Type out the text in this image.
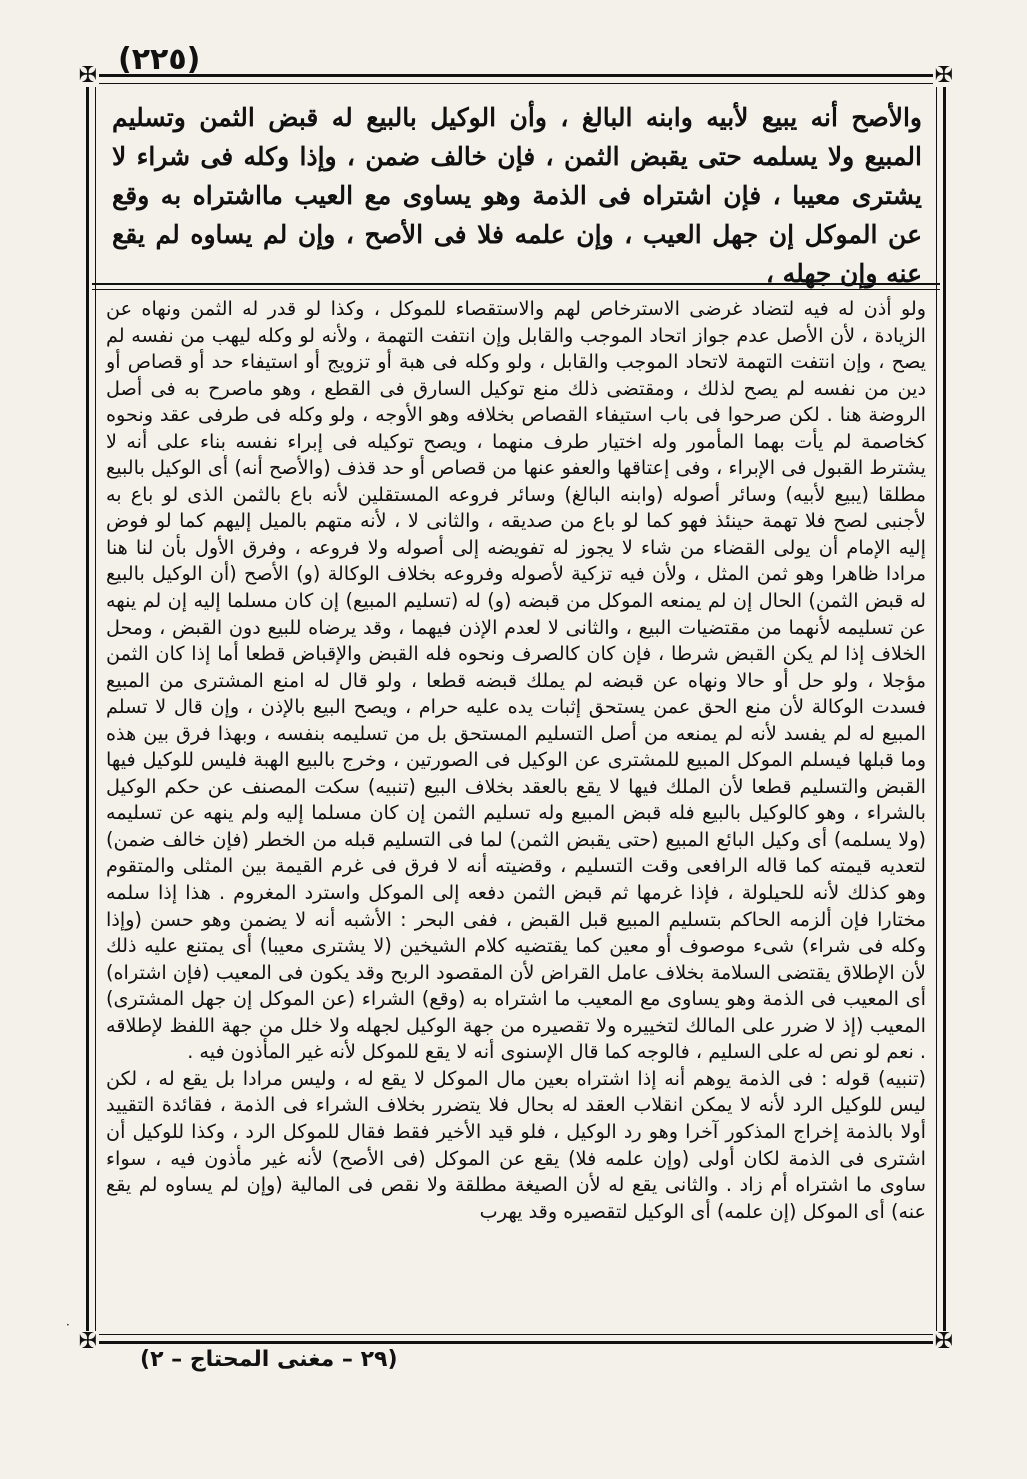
(٢٢٥)
✠	✠
✠	✠
والأصح أنه يبيع لأبيه وابنه البالغ ، وأن الوكيل بالبيع له قبض الثمن وتسليم المبيع ولا يسلمه حتى يقبض الثمن ، فإن خالف ضمن ، وإذا وكله فى شراء لا يشترى معيبا ، فإن اشتراه فى الذمة وهو يساوى مع العيب مااشتراه به وقع عن الموكل إن جهل العيب ، وإن علمه فلا فى الأصح ، وإن لم يساوه لم يقع عنه وإن جهله ،

ولو أذن له فيه لتضاد غرضى الاسترخاص لهم والاستقصاء للموكل ، وكذا لو قدر له الثمن ونهاه عن الزيادة ، لأن الأصل عدم جواز اتحاد الموجب والقابل وإن انتفت التهمة ، ولأنه لو وكله ليهب من نفسه لم يصح ، وإن انتفت التهمة لاتحاد الموجب والقابل ، ولو وكله فى هبة أو تزويج أو استيفاء حد أو قصاص أو دين من نفسه لم يصح لذلك ، ومقتضى ذلك منع توكيل السارق فى القطع ، وهو ماصرح به فى أصل الروضة هنا . لكن صرحوا فى باب استيفاء القصاص بخلافه وهو الأوجه ، ولو وكله فى طرفى عقد ونحوه كخاصمة لم يأت بهما المأمور وله اختيار طرف منهما ، ويصح توكيله فى إبراء نفسه بناء على أنه لا يشترط القبول فى الإبراء ، وفى إعتاقها والعفو عنها من قصاص أو حد قذف (والأصح أنه) أى الوكيل بالبيع مطلقا (يبيع لأبيه) وسائر أصوله (وابنه البالغ) وسائر فروعه المستقلين لأنه باع بالثمن الذى لو باع به لأجنبى لصح فلا تهمة حينئذ فهو كما لو باع من صديقه ، والثانى لا ، لأنه متهم بالميل إليهم كما لو فوض إليه الإمام أن يولى القضاء من شاء لا يجوز له تفويضه إلى أصوله ولا فروعه ، وفرق الأول بأن لنا هنا مرادا ظاهرا وهو ثمن المثل ، ولأن فيه تزكية لأصوله وفروعه بخلاف الوكالة (و) الأصح (أن الوكيل بالبيع له قبض الثمن) الحال إن لم يمنعه الموكل من قبضه (و) له (تسليم المبيع) إن كان مسلما إليه إن لم ينهه عن تسليمه لأنهما من مقتضيات البيع ، والثانى لا لعدم الإذن فيهما ، وقد يرضاه للبيع دون القبض ، ومحل الخلاف إذا لم يكن القبض شرطا ، فإن كان كالصرف ونحوه فله القبض والإقباض قطعا أما إذا كان الثمن مؤجلا ، ولو حل أو حالا ونهاه عن قبضه لم يملك قبضه قطعا ، ولو قال له امنع المشترى من المبيع فسدت الوكالة لأن منع الحق عمن يستحق إثبات يده عليه حرام ، ويصح البيع بالإذن ، وإن قال لا تسلم المبيع له لم يفسد لأنه لم يمنعه من أصل التسليم المستحق بل من تسليمه بنفسه ، وبهذا فرق بين هذه وما قبلها فيسلم الموكل المبيع للمشترى عن الوكيل فى الصورتين ، وخرج بالبيع الهبة فليس للوكيل فيها القبض والتسليم قطعا لأن الملك فيها لا يقع بالعقد بخلاف البيع (تنبيه) سكت المصنف عن حكم الوكيل بالشراء ، وهو كالوكيل بالبيع فله قبض المبيع وله تسليم الثمن إن كان مسلما إليه ولم ينهه عن تسليمه (ولا يسلمه) أى وكيل البائع المبيع (حتى يقبض الثمن) لما فى التسليم قبله من الخطر (فإن خالف ضمن) لتعديه قيمته كما قاله الرافعى وقت التسليم ، وقضيته أنه لا فرق فى غرم القيمة بين المثلى والمتقوم وهو كذلك لأنه للحيلولة ، فإذا غرمها ثم قبض الثمن دفعه إلى الموكل واسترد المغروم . هذا إذا سلمه مختارا فإن ألزمه الحاكم بتسليم المبيع قبل القبض ، ففى البحر : الأشبه أنه لا يضمن وهو حسن (وإذا وكله فى شراء) شىء موصوف أو معين كما يقتضيه كلام الشيخين (لا يشترى معيبا) أى يمتنع عليه ذلك لأن الإطلاق يقتضى السلامة بخلاف عامل القراض لأن المقصود الربح وقد يكون فى المعيب (فإن اشتراه) أى المعيب فى الذمة وهو يساوى مع المعيب ما اشتراه به (وقع) الشراء (عن الموكل إن جهل المشترى) المعيب (إذ لا ضرر على المالك لتخييره ولا تقصيره من جهة الوكيل لجهله ولا خلل من جهة اللفظ لإطلاقه . نعم لو نص له على السليم ، فالوجه كما قال الإسنوى أنه لا يقع للموكل لأنه غير المأذون فيه .

(تنبيه) قوله : فى الذمة يوهم أنه إذا اشتراه بعين مال الموكل لا يقع له ، وليس مرادا بل يقع له ، لكن ليس للوكيل الرد لأنه لا يمكن انقلاب العقد له بحال فلا يتضرر بخلاف الشراء فى الذمة ، فقائدة التقييد أولا بالذمة إخراج المذكور آخرا وهو رد الوكيل ، فلو قيد الأخير فقط فقال للموكل الرد ، وكذا للوكيل أن اشترى فى الذمة لكان أولى (وإن علمه فلا) يقع عن الموكل (فى الأصح) لأنه غير مأذون فيه ، سواء ساوى ما اشتراه أم زاد . والثانى يقع له لأن الصيغة مطلقة ولا نقص فى المالية (وإن لم يساوه لم يقع عنه) أى الموكل (إن علمه) أى الوكيل لتقصيره وقد يهرب

·
(٢٩ – مغنى المحتاج – ٢)
